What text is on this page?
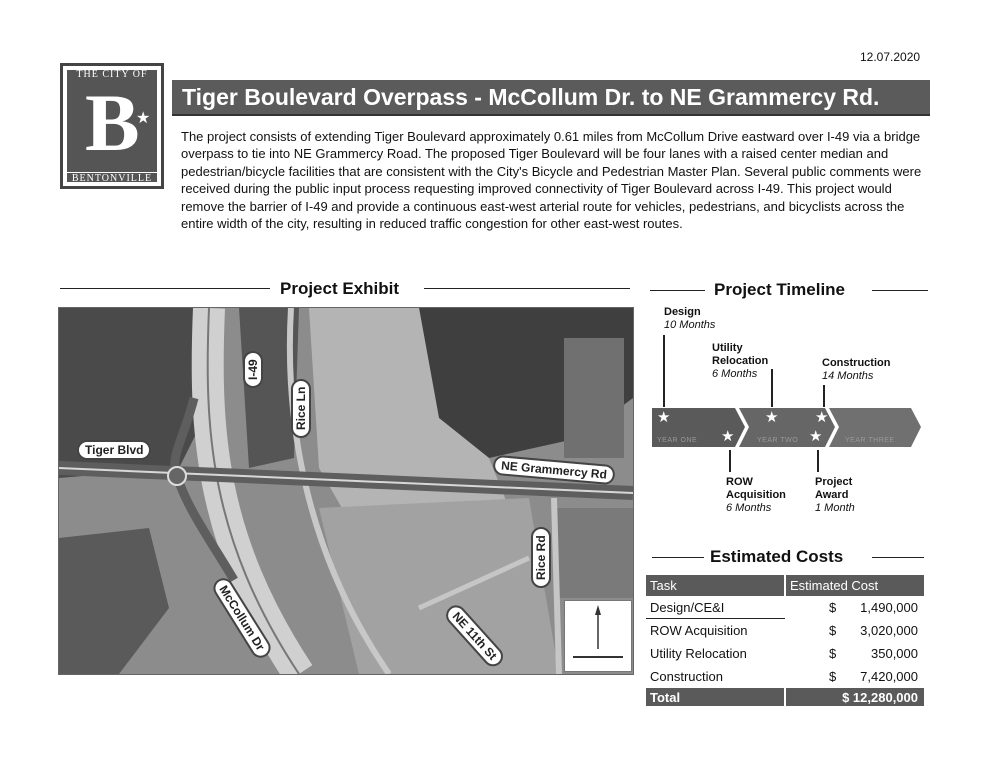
12.07.2020
THE CITY OF
B
★
BENTONVILLE
Tiger Boulevard Overpass - McCollum Dr. to NE Grammercy Rd.
The project consists of extending Tiger Boulevard approximately 0.61 miles from McCollum Drive eastward over I-49 via a bridge overpass to tie into NE Grammercy Road. The proposed Tiger Boulevard will be four lanes with a raised center median and pedestrian/bicycle facilities that are consistent with the City's Bicycle and Pedestrian Master Plan. Several public comments were received during the public input process requesting improved connectivity of Tiger Boulevard across I-49. This project would remove the barrier of I-49 and provide a continuous east-west arterial route for vehicles, pedestrians, and bicyclists across the entire width of the city, resulting in reduced traffic congestion for other east-west routes.
Project Exhibit
I-49
Rice Ln
Tiger Blvd
NE Grammercy Rd
Rice Rd
McCollum Dr	NE 11th St
Project Timeline
YEAR ONE	YEAR TWO	YEAR THREE
★
★
★ ★
★
Design
10 Months
Utility
Relocation
6 Months
Construction
14 Months
ROW
Acquisition
6 Months
Project
Award
1 Month
Estimated Costs
Task	Estimated Cost
Design/CE&I	$ 1,490,000
ROW Acquisition	$ 3,020,000
Utility Relocation	$ 350,000
Construction	$ 7,420,000
Total	$ 12,280,000
